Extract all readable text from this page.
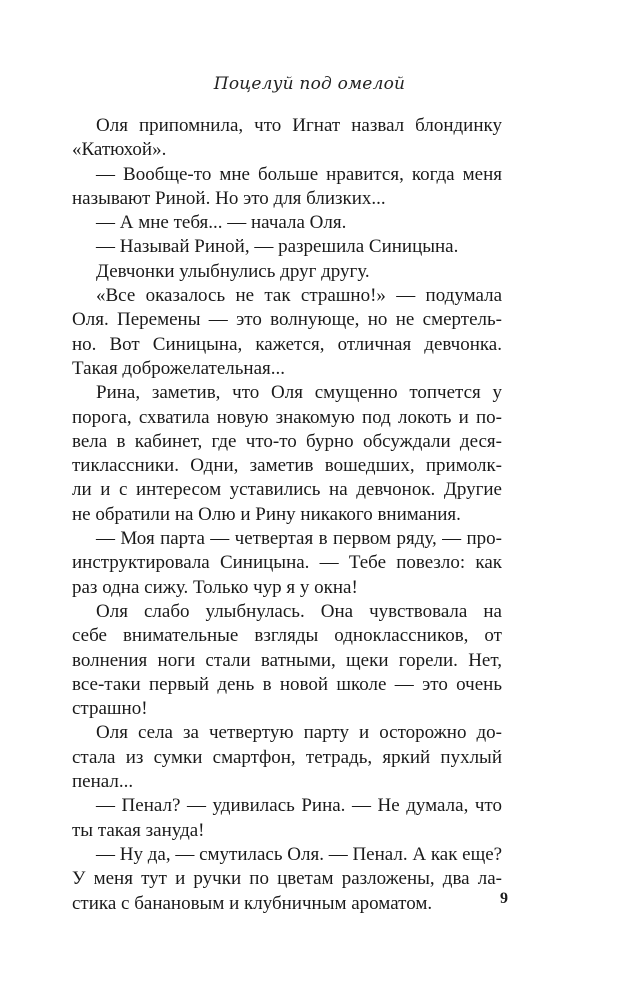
Поцелуй под омелой

Оля припомнила, что Игнат назвал блондинку
«Катюхой».

— Вообще-то мне больше нравится, когда меня
называют Риной. Но это для близких...

— А мне тебя... — начала Оля.

— Называй Риной, — разрешила Синицына.

Девчонки улыбнулись друг другу.

«Все оказалось не так страшно!» — подумала
Оля. Перемены — это волнующе, но не смертель-
но. Вот Синицына, кажется, отличная девчонка.
Такая доброжелательная...

Рина, заметив, что Оля смущенно топчется у
порога, схватила новую знакомую под локоть и по-
вела в кабинет, где что-то бурно обсуждали деся-
тиклассники. Одни, заметив вошедших, примолк-
ли и с интересом уставились на девчонок. Другие
не обратили на Олю и Рину никакого внимания.

— Моя парта — четвертая в первом ряду, — про-
инструктировала Синицына. — Тебе повезло: как
раз одна сижу. Только чур я у окна!

Оля слабо улыбнулась. Она чувствовала на
себе внимательные взгляды одноклассников, от
волнения ноги стали ватными, щеки горели. Нет,
все-таки первый день в новой школе — это очень
страшно!

Оля села за четвертую парту и осторожно до-
стала из сумки смартфон, тетрадь, яркий пухлый
пенал...

— Пенал? — удивилась Рина. — Не думала, что
ты такая зануда!

— Ну да, — смутилась Оля. — Пенал. А как еще?
У меня тут и ручки по цветам разложены, два ла-
стика с банановым и клубничным ароматом.	9
